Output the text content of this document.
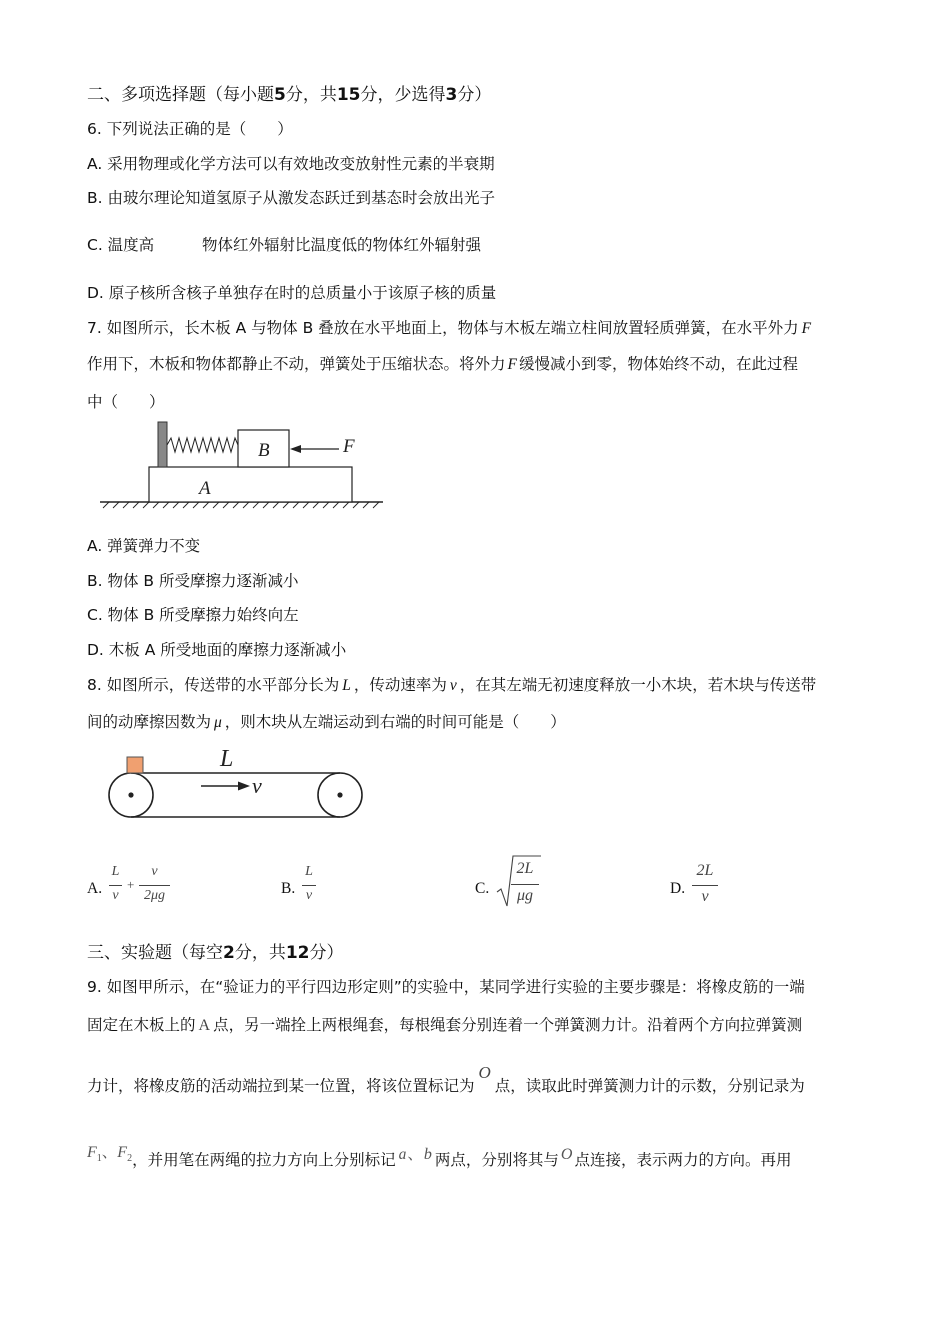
二、多项选择题（每小题5分，共15分，少选得3分）
6. 下列说法正确的是（　　）
A. 采用物理或化学方法可以有效地改变放射性元素的半衰期
B. 由玻尔理论知道氢原子从激发态跃迁到基态时会放出光子
C. 温度高	物体红外辐射比温度低的物体红外辐射强
D. 原子核所含核子单独存在时的总质量小于该原子核的质量
7. 如图所示，长木板 A 与物体 B 叠放在水平地面上，物体与木板左端立柱间放置轻质弹簧，在水平外力 F
作用下，木板和物体都静止不动，弹簧处于压缩状态。将外力 F 缓慢减小到零，物体始终不动，在此过程
中（　　）
B
A
F
A. 弹簧弹力不变
B. 物体 B 所受摩擦力逐渐减小
C. 物体 B 所受摩擦力始终向左
D. 木板 A 所受地面的摩擦力逐渐减小
8. 如图所示，传送带的水平部分长为 L ，传动速率为 v ，在其左端无初速度释放一小木块，若木块与传送带
间的动摩擦因数为 μ ，则木块从左端运动到右端的时间可能是（　　）
L
v
A.
L
v
+
v
2μg	B.
L
v	C.
2L
μg	D.
2L
v
三、实验题（每空2分，共12分）
9. 如图甲所示，在“验证力的平行四边形定则”的实验中，某同学进行实验的主要步骤是：将橡皮筋的一端
固定在木板上的 A 点，另一端拴上两根绳套，每根绳套分别连着一个弹簧测力计。沿着两个方向拉弹簧测
力计，将橡皮筋的活动端拉到某一位置，将该位置标记为O点，读取此时弹簧测力计的示数，分别记录为
$F_1$、$F_2$，并用笔在两绳的拉力方向上分别标记 a、b 两点，分别将其与 O 点连接，表示两力的方向。再用
